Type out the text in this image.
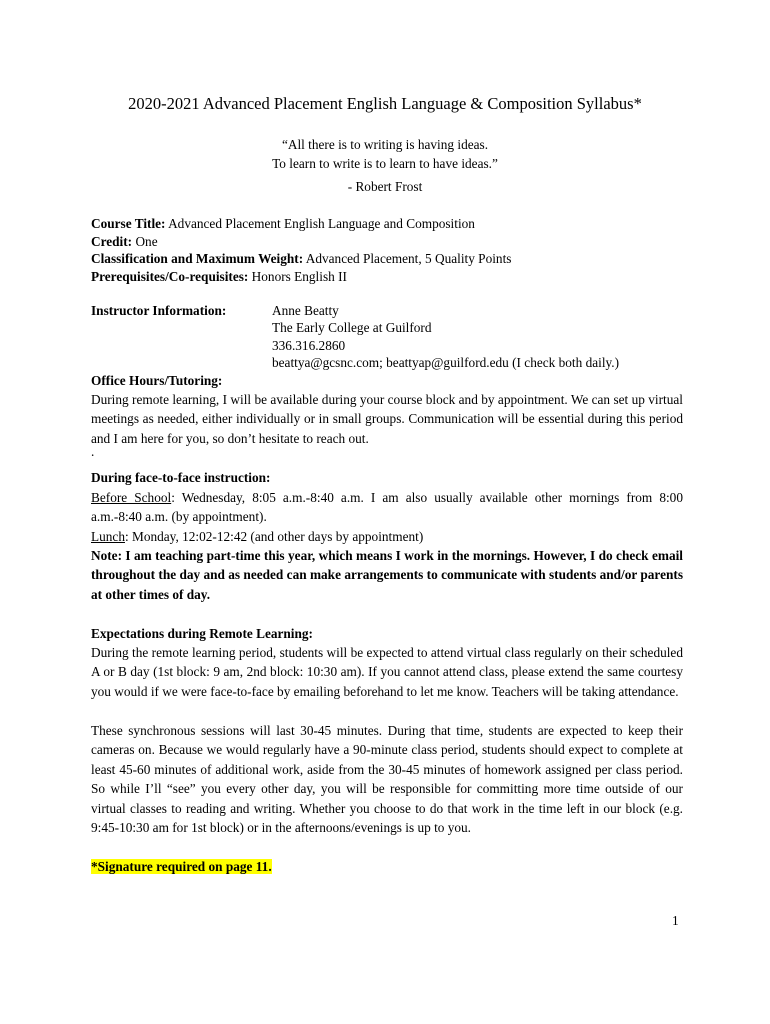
2020-2021 Advanced Placement English Language & Composition Syllabus*
“All there is to writing is having ideas.
To learn to write is to learn to have ideas.”
- Robert Frost
Course Title: Advanced Placement English Language and Composition
Credit: One
Classification and Maximum Weight: Advanced Placement, 5 Quality Points
Prerequisites/Co-requisites: Honors English II
Instructor Information:	Anne Beatty
The Early College at Guilford
336.316.2860
beattya@gcsnc.com; beattyap@guilford.edu (I check both daily.)
Office Hours/Tutoring:
During remote learning, I will be available during your course block and by appointment. We can set up virtual meetings as needed, either individually or in small groups. Communication will be essential during this period and I am here for you, so don’t hesitate to reach out.
.
During face-to-face instruction:
Before School: Wednesday, 8:05 a.m.-8:40 a.m. I am also usually available other mornings from 8:00 a.m.-8:40 a.m. (by appointment).
Lunch: Monday, 12:02-12:42 (and other days by appointment)
Note: I am teaching part-time this year, which means I work in the mornings. However, I do check email throughout the day and as needed can make arrangements to communicate with students and/or parents at other times of day.
Expectations during Remote Learning:
During the remote learning period, students will be expected to attend virtual class regularly on their scheduled A or B day (1st block: 9 am, 2nd block: 10:30 am). If you cannot attend class, please extend the same courtesy you would if we were face-to-face by emailing beforehand to let me know. Teachers will be taking attendance.
These synchronous sessions will last 30-45 minutes. During that time, students are expected to keep their cameras on. Because we would regularly have a 90-minute class period, students should expect to complete at least 45-60 minutes of additional work, aside from the 30-45 minutes of homework assigned per class period. So while I’ll “see” you every other day, you will be responsible for committing more time outside of our virtual classes to reading and writing. Whether you choose to do that work in the time left in our block (e.g. 9:45-10:30 am for 1st block) or in the afternoons/evenings is up to you.
*Signature required on page 11.
1
